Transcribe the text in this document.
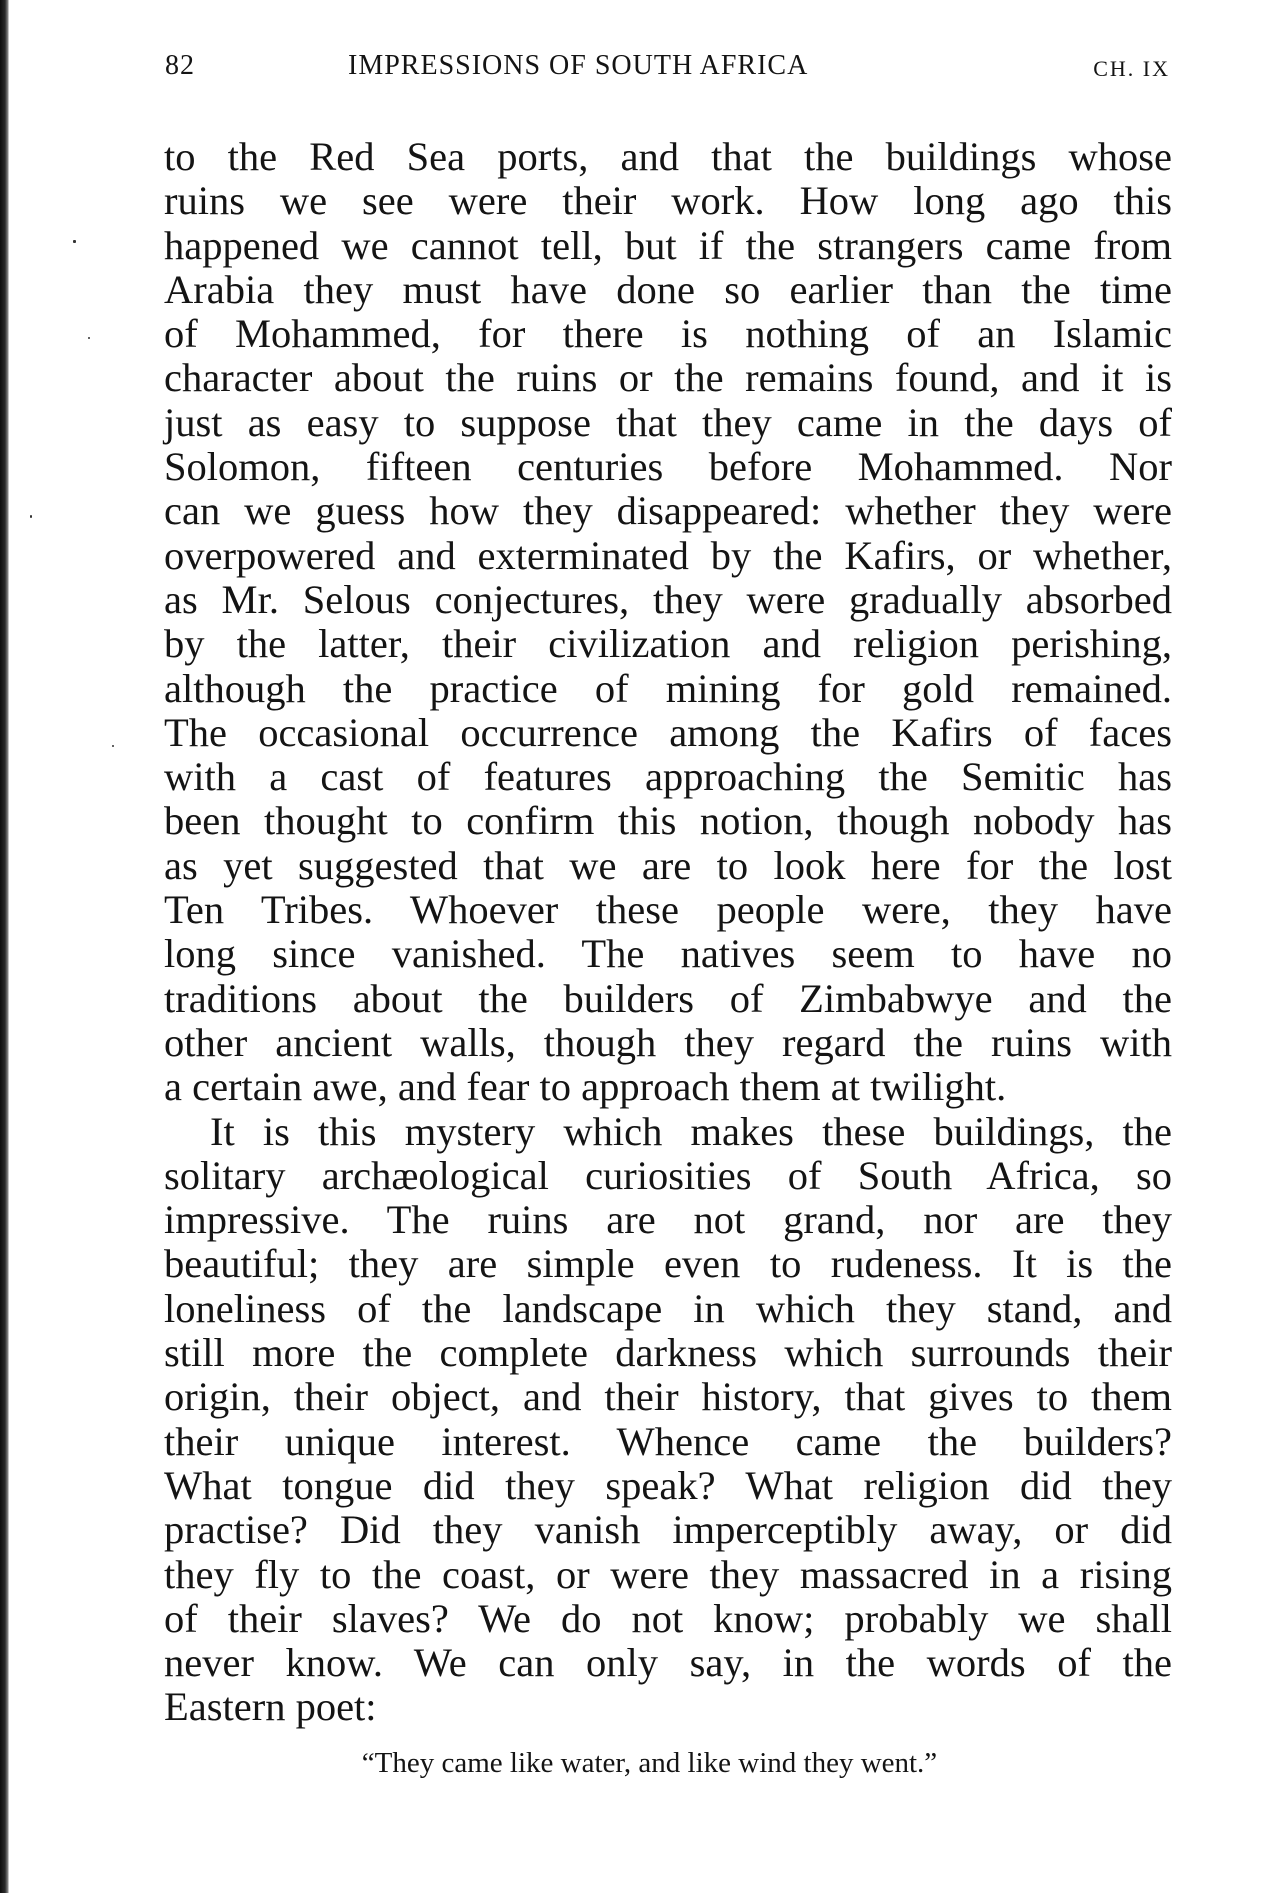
82	IMPRESSIONS OF SOUTH AFRICA	CH. IX
to the Red Sea ports, and that the buildings whose
ruins we see were their work. How long ago this
happened we cannot tell, but if the strangers came from
Arabia they must have done so earlier than the time
of Mohammed, for there is nothing of an Islamic
character about the ruins or the remains found, and it is
just as easy to suppose that they came in the days of
Solomon, fifteen centuries before Mohammed. Nor
can we guess how they disappeared: whether they were
overpowered and exterminated by the Kafirs, or whether,
as Mr. Selous conjectures, they were gradually absorbed
by the latter, their civilization and religion perishing,
although the practice of mining for gold remained.
The occasional occurrence among the Kafirs of faces
with a cast of features approaching the Semitic has
been thought to confirm this notion, though nobody has
as yet suggested that we are to look here for the lost
Ten Tribes. Whoever these people were, they have
long since vanished. The natives seem to have no
traditions about the builders of Zimbabwye and the
other ancient walls, though they regard the ruins with
a certain awe, and fear to approach them at twilight.
It is this mystery which makes these buildings, the
solitary archæological curiosities of South Africa, so
impressive. The ruins are not grand, nor are they
beautiful; they are simple even to rudeness. It is the
loneliness of the landscape in which they stand, and
still more the complete darkness which surrounds their
origin, their object, and their history, that gives to them
their unique interest. Whence came the builders?
What tongue did they speak? What religion did they
practise? Did they vanish imperceptibly away, or did
they fly to the coast, or were they massacred in a rising
of their slaves? We do not know; probably we shall
never know. We can only say, in the words of the
Eastern poet:
“They came like water, and like wind they went.”
